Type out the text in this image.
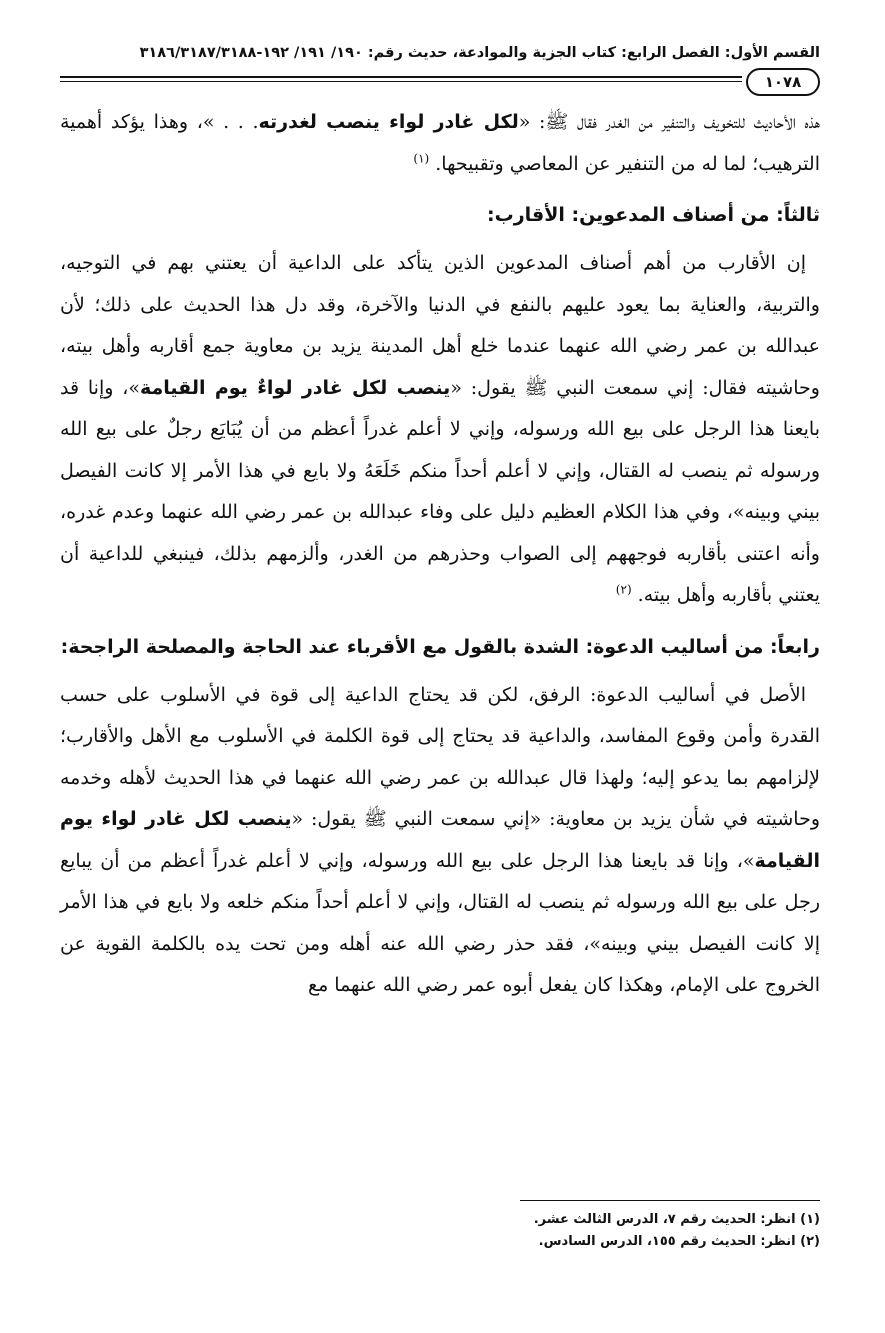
القسم الأول: الفصل الرابع: كتاب الجزية والموادعة، حديث رقم: ١٩٠/ ١٩١/ ١٩٢-٣١٨٦/٣١٨٧/٣١٨٨
١٠٧٨

هذه الأحاديث للتخويف والتنفير من الغدر فقال ﷺ: «لكل غادر لواء ينصب لغدرته. . . »، وهذا يؤكد أهمية الترهيب؛ لما له من التنفير عن المعاصي وتقبيحها. $^{(١)}$

ثالثاً: من أصناف المدعوين: الأقارب:

إن الأقارب من أهم أصناف المدعوين الذين يتأكد على الداعية أن يعتني بهم في التوجيه، والتربية، والعناية بما يعود عليهم بالنفع في الدنيا والآخرة، وقد دل هذا الحديث على ذلك؛ لأن عبدالله بن عمر رضي الله عنهما عندما خلع أهل المدينة يزيد بن معاوية جمع أقاربه وأهل بيته، وحاشيته فقال: إني سمعت النبي ﷺ يقول: «ينصب لكل غادر لواءٌ يوم القيامة»، وإنا قد بايعنا هذا الرجل على بيع الله ورسوله، وإني لا أعلم غدراً أعظم من أن يُبَايَع رجلٌ على بيع الله ورسوله ثم ينصب له القتال، وإني لا أعلم أحداً منكم خَلَعَهُ ولا بايع في هذا الأمر إلا كانت الفيصل بيني وبينه»، وفي هذا الكلام العظيم دليل على وفاء عبدالله بن عمر رضي الله عنهما وعدم غدره، وأنه اعتنى بأقاربه فوجههم إلى الصواب وحذرهم من الغدر، وألزمهم بذلك، فينبغي للداعية أن يعتني بأقاربه وأهل بيته. $^{(٢)}$

رابعاً: من أساليب الدعوة: الشدة بالقول مع الأقرباء عند الحاجة والمصلحة الراجحة:

الأصل في أساليب الدعوة: الرفق، لكن قد يحتاج الداعية إلى قوة في الأسلوب على حسب القدرة وأمن وقوع المفاسد، والداعية قد يحتاج إلى قوة الكلمة في الأسلوب مع الأهل والأقارب؛ لإلزامهم بما يدعو إليه؛ ولهذا قال عبدالله بن عمر رضي الله عنهما في هذا الحديث لأهله وخدمه وحاشيته في شأن يزيد بن معاوية: «إني سمعت النبي ﷺ يقول: «ينصب لكل غادر لواء يوم القيامة»، وإنا قد بايعنا هذا الرجل على بيع الله ورسوله، وإني لا أعلم غدراً أعظم من أن يبايع رجل على بيع الله ورسوله ثم ينصب له القتال، وإني لا أعلم أحداً منكم خلعه ولا بايع في هذا الأمر إلا كانت الفيصل بيني وبينه»، فقد حذر رضي الله عنه أهله ومن تحت يده بالكلمة القوية عن الخروج على الإمام، وهكذا كان يفعل أبوه عمر رضي الله عنهما مع

(١) انظر: الحديث رقم ٧، الدرس الثالث عشر.
(٢) انظر: الحديث رقم ١٥٥، الدرس السادس.
